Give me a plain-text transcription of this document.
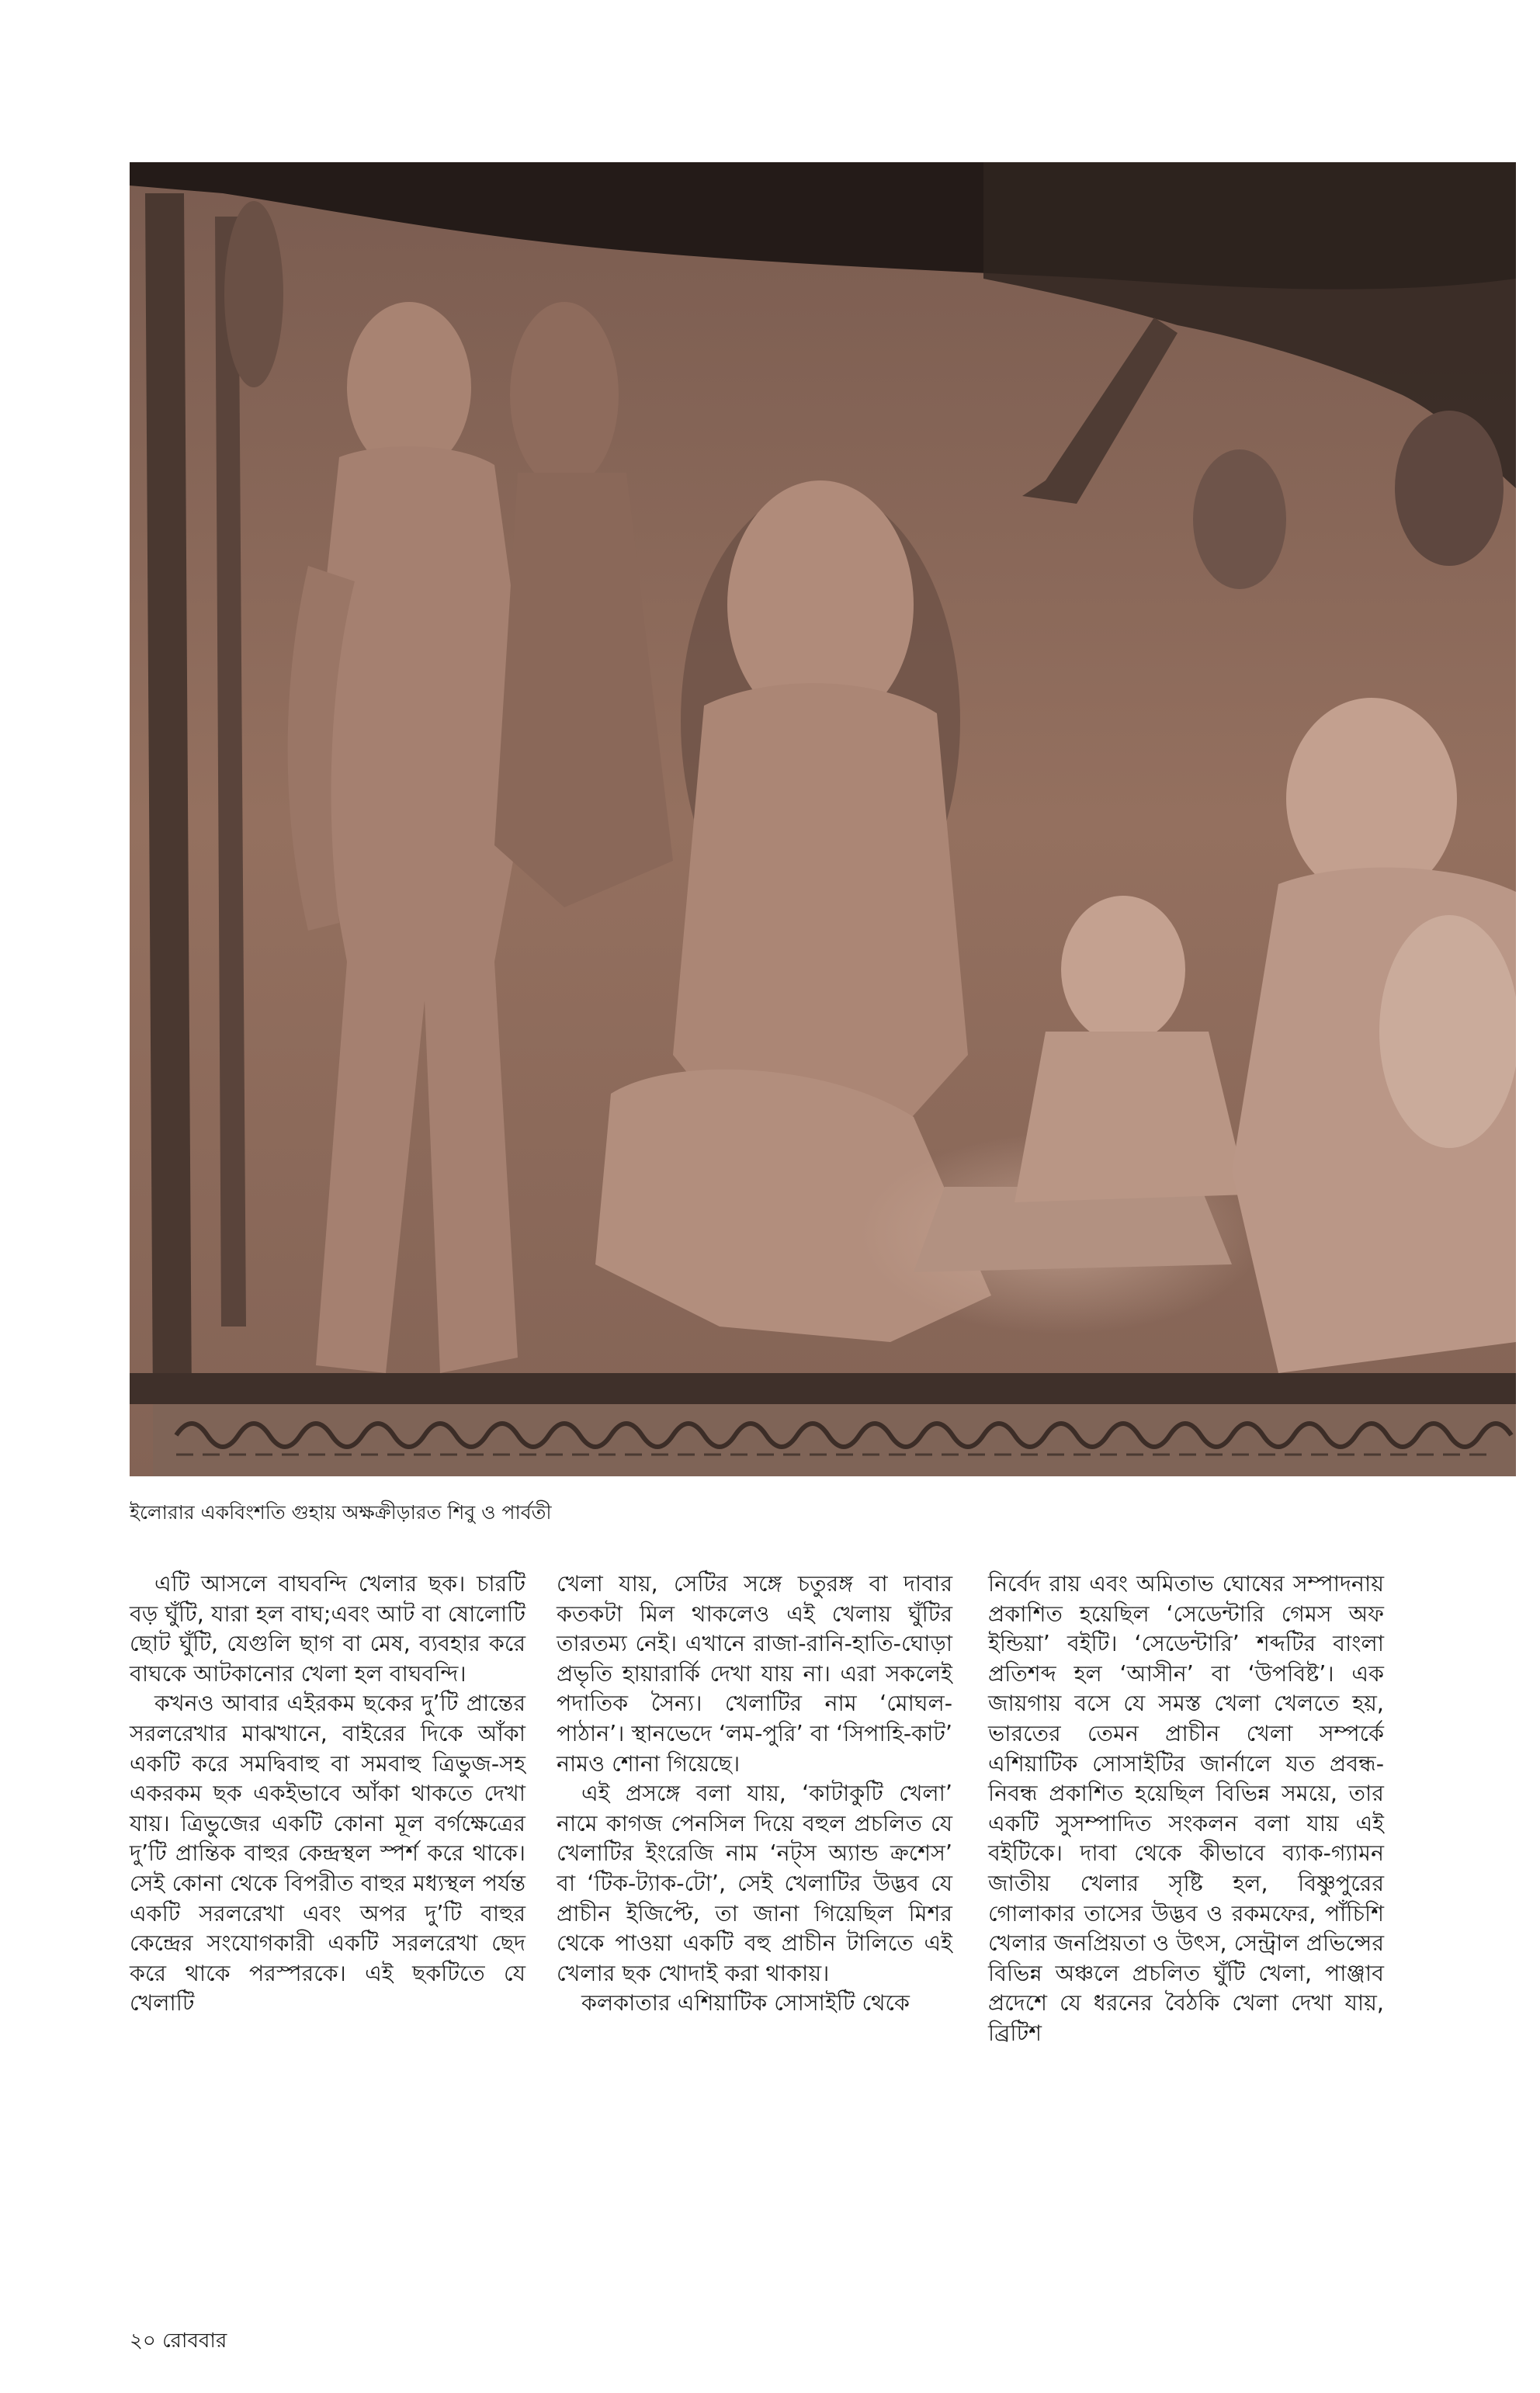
ইলোরার একবিংশতি গুহায় অক্ষক্রীড়ারত শিবু ও পার্বতী

এটি আসলে বাঘবন্দি খেলার ছক। চারটি বড় ঘুঁটি, যারা হল বাঘ;এবং আট বা ষোলোটি ছোট ঘুঁটি, যেগুলি ছাগ বা মেষ, ব্যবহার করে বাঘকে আটকানোর খেলা হল বাঘবন্দি।

কখনও আবার এইরকম ছকের দু’টি প্রান্তের সরলরেখার মাঝখানে, বাইরের দিকে আঁকা একটি করে সমদ্বিবাহু বা সমবাহু ত্রিভুজ-সহ একরকম ছক একইভাবে আঁকা থাকতে দেখা যায়। ত্রিভুজের একটি কোনা মূল বর্গক্ষেত্রের দু’টি প্রান্তিক বাহুর কেন্দ্রস্থল স্পর্শ করে থাকে। সেই কোনা থেকে বিপরীত বাহুর মধ্যস্থল পর্যন্ত একটি সরলরেখা এবং অপর দু’টি বাহুর কেন্দ্রের সংযোগকারী একটি সরলরেখা ছেদ করে থাকে পরস্পরকে। এই ছকটিতে যে খেলাটি

খেলা যায়, সেটির সঙ্গে চতুরঙ্গ বা দাবার কতকটা মিল থাকলেও এই খেলায় ঘুঁটির তারতম্য নেই। এখানে রাজা-রানি-হাতি-ঘোড়া প্রভৃতি হায়ারার্কি দেখা যায় না। এরা সকলেই পদাতিক সৈন্য। খেলাটির নাম ‘মোঘল-পাঠান’। স্থানভেদে ‘লম-পুরি’ বা ‘সিপাহি-কাট’ নামও শোনা গিয়েছে।

এই প্রসঙ্গে বলা যায়, ‘কাটাকুটি খেলা’ নামে কাগজ পেনসিল দিয়ে বহুল প্রচলিত যে খেলাটির ইংরেজি নাম ‘নট্‌স অ্যান্ড ক্রশেস’ বা ‘টিক-ট্যাক-টো’, সেই খেলাটির উদ্ভব যে প্রাচীন ইজিপ্টে, তা জানা গিয়েছিল মিশর থেকে পাওয়া একটি বহু প্রাচীন টালিতে এই খেলার ছক খোদাই করা থাকায়।

কলকাতার এশিয়াটিক সোসাইটি থেকে

নির্বেদ রায় এবং অমিতাভ ঘোষের সম্পাদনায় প্রকাশিত হয়েছিল ‘সেডেন্টারি গেমস অফ ইন্ডিয়া’ বইটি। ‘সেডেন্টারি’ শব্দটির বাংলা প্রতিশব্দ হল ‘আসীন’ বা ‘উপবিষ্ট’। এক জায়গায় বসে যে সমস্ত খেলা খেলতে হয়, ভারতের তেমন প্রাচীন খেলা সম্পর্কে এশিয়াটিক সোসাইটির জার্নালে যত প্রবন্ধ-নিবন্ধ প্রকাশিত হয়েছিল বিভিন্ন সময়ে, তার একটি সুসম্পাদিত সংকলন বলা যায় এই বইটিকে। দাবা থেকে কীভাবে ব্যাক-গ্যামন জাতীয় খেলার সৃষ্টি হল, বিষ্ণুপুরের গোলাকার তাসের উদ্ভব ও রকমফের, পাঁচিশি খেলার জনপ্রিয়তা ও উৎস, সেন্ট্রাল প্রভিন্সের বিভিন্ন অঞ্চলে প্রচলিত ঘুঁটি খেলা, পাঞ্জাব প্রদেশে যে ধরনের বৈঠকি খেলা দেখা যায়, ব্রিটিশ

২০ রোববার
